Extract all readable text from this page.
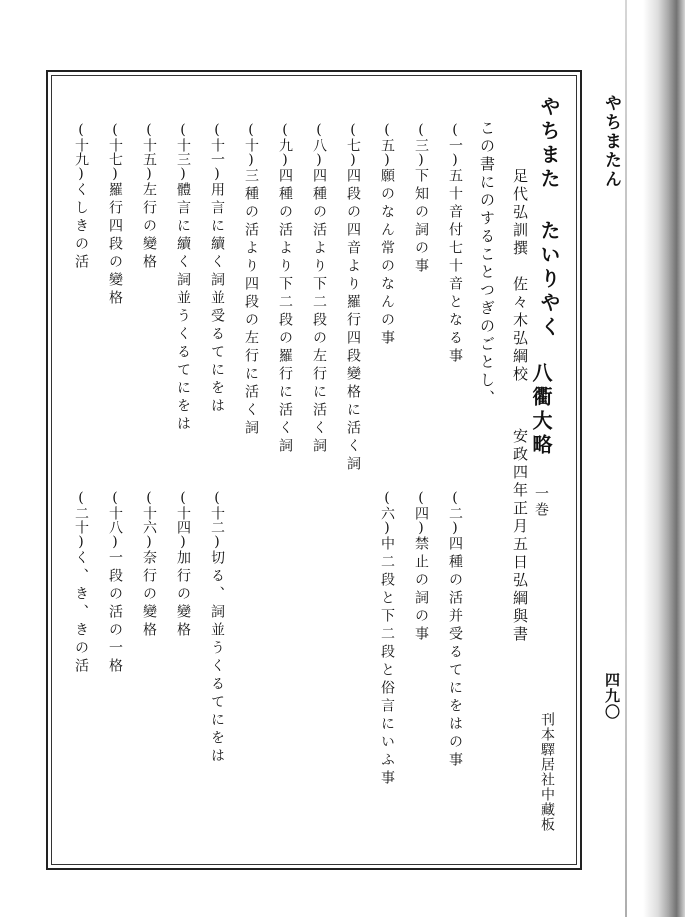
やちまたん
四九〇
やちまた たいりやく
八衢大略 一巻
刊本驛居社中藏板
足代弘訓撰　佐々木弘綱校
安政四年正月五日弘綱與書
この書にのすることつぎのごとし、
(一)五十音付七十音となる事
(二)四種の活并受るてにをはの事
(三)下知の詞の事
(四)禁止の詞の事
(五)願のなん常のなんの事
(六)中二段と下二段と俗言にいふ事
(七)四段の四音より羅行四段變格に活く詞
(八)四種の活より下二段の左行に活く詞
(九)四種の活より下二段の羅行に活く詞
(十)三種の活より四段の左行に活く詞
(十一)用言に續く詞並受るてにをは
(十二)切る、詞並うくるてにをは
(十三)體言に續く詞並うくるてにをは
(十四)加行の變格
(十五)左行の變格
(十六)奈行の變格
(十七)羅行四段の變格
(十八)一段の活の一格
(十九)くしきの活
(二十)く、き、きの活
